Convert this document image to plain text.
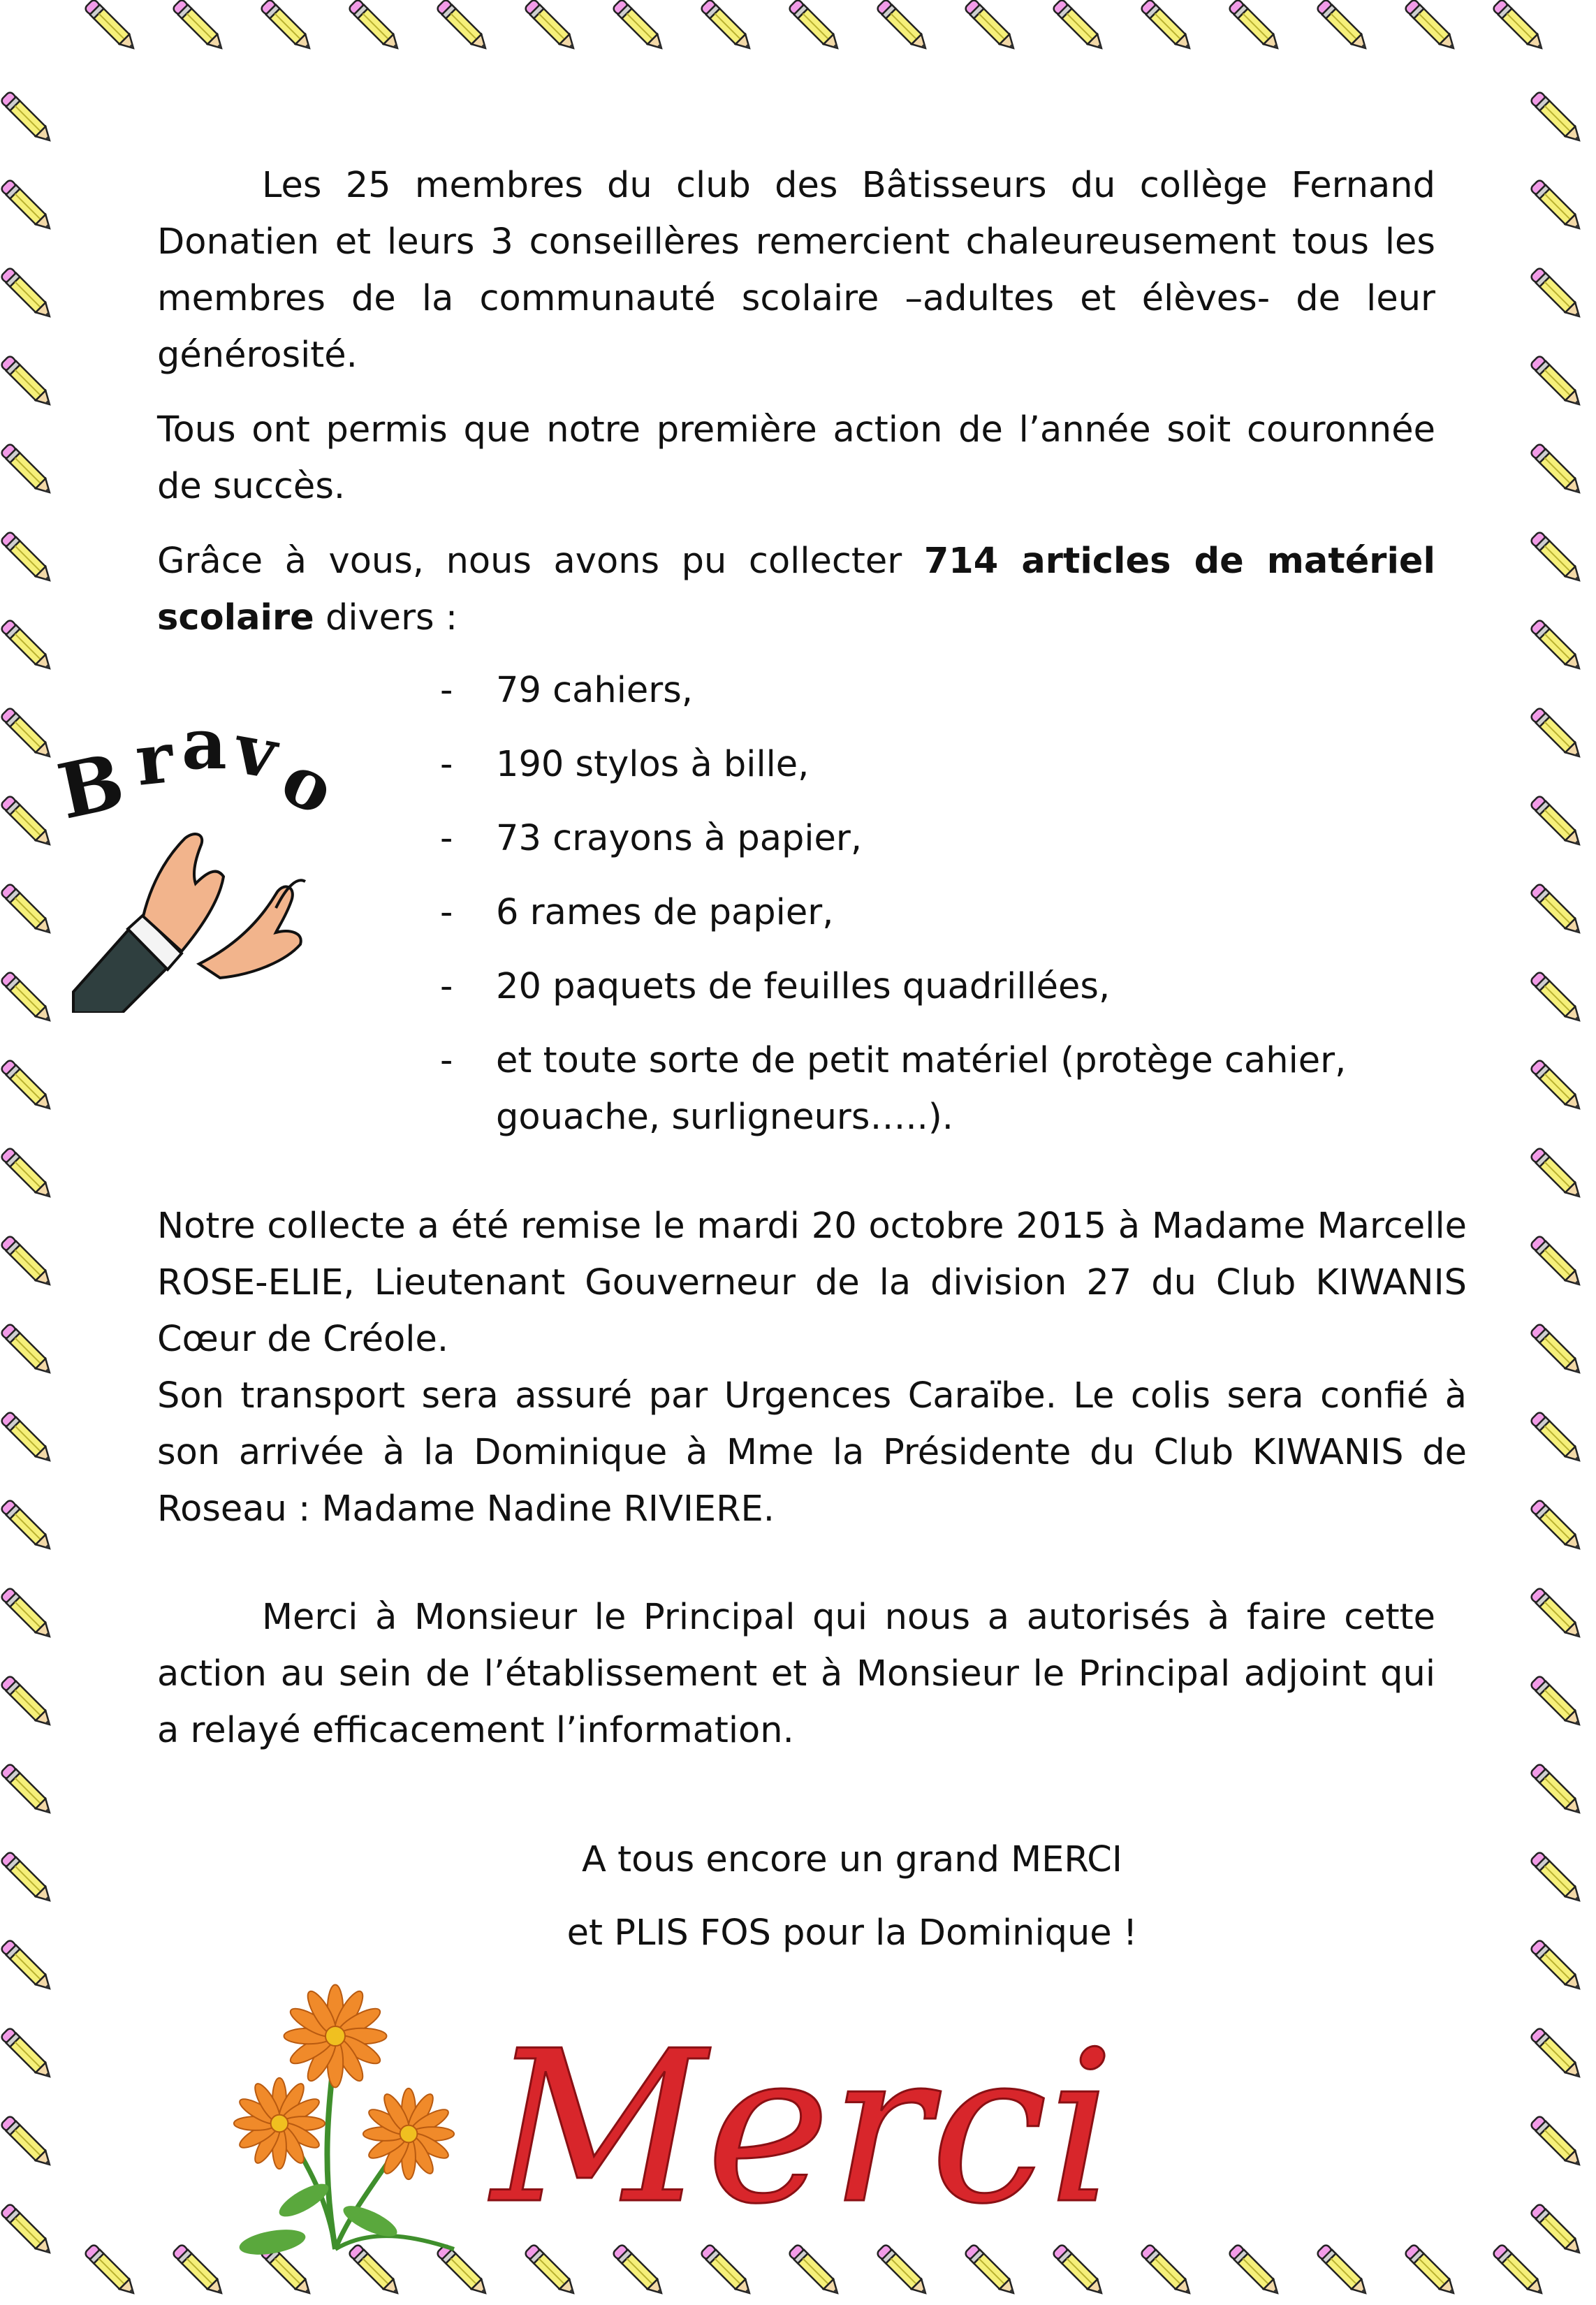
Les 25 membres du club des Bâtisseurs du collège Fernand Donatien et leurs 3 conseillères remercient chaleureusement tous les membres de la communauté scolaire –adultes et élèves- de leur générosité.

Tous ont permis que notre première action de l’année soit couronnée de succès.

Grâce à vous, nous avons pu collecter 714 articles de matériel scolaire divers :

B r a v
o
- 79 cahiers,
- 190 stylos à bille,
- 73 crayons à papier,
- 6 rames de papier,
- 20 paquets de feuilles quadrillées,
- et toute sorte de petit matériel (protège cahier, gouache, surligneurs…..).

Notre collecte a été remise le mardi 20 octobre 2015 à Madame Marcelle ROSE-ELIE, Lieutenant Gouverneur de la division 27 du Club KIWANIS Cœur de Créole.

Son transport sera assuré par Urgences Caraïbe. Le colis sera confié à son arrivée à la Dominique à Mme la Présidente du Club KIWANIS de Roseau : Madame Nadine RIVIERE.

Merci à Monsieur le Principal qui nous a autorisés à faire cette action au sein de l’établissement et à Monsieur le Principal adjoint qui a relayé efficacement l’information.

A tous encore un grand MERCI
et PLIS FOS pour la Dominique !
Merci
